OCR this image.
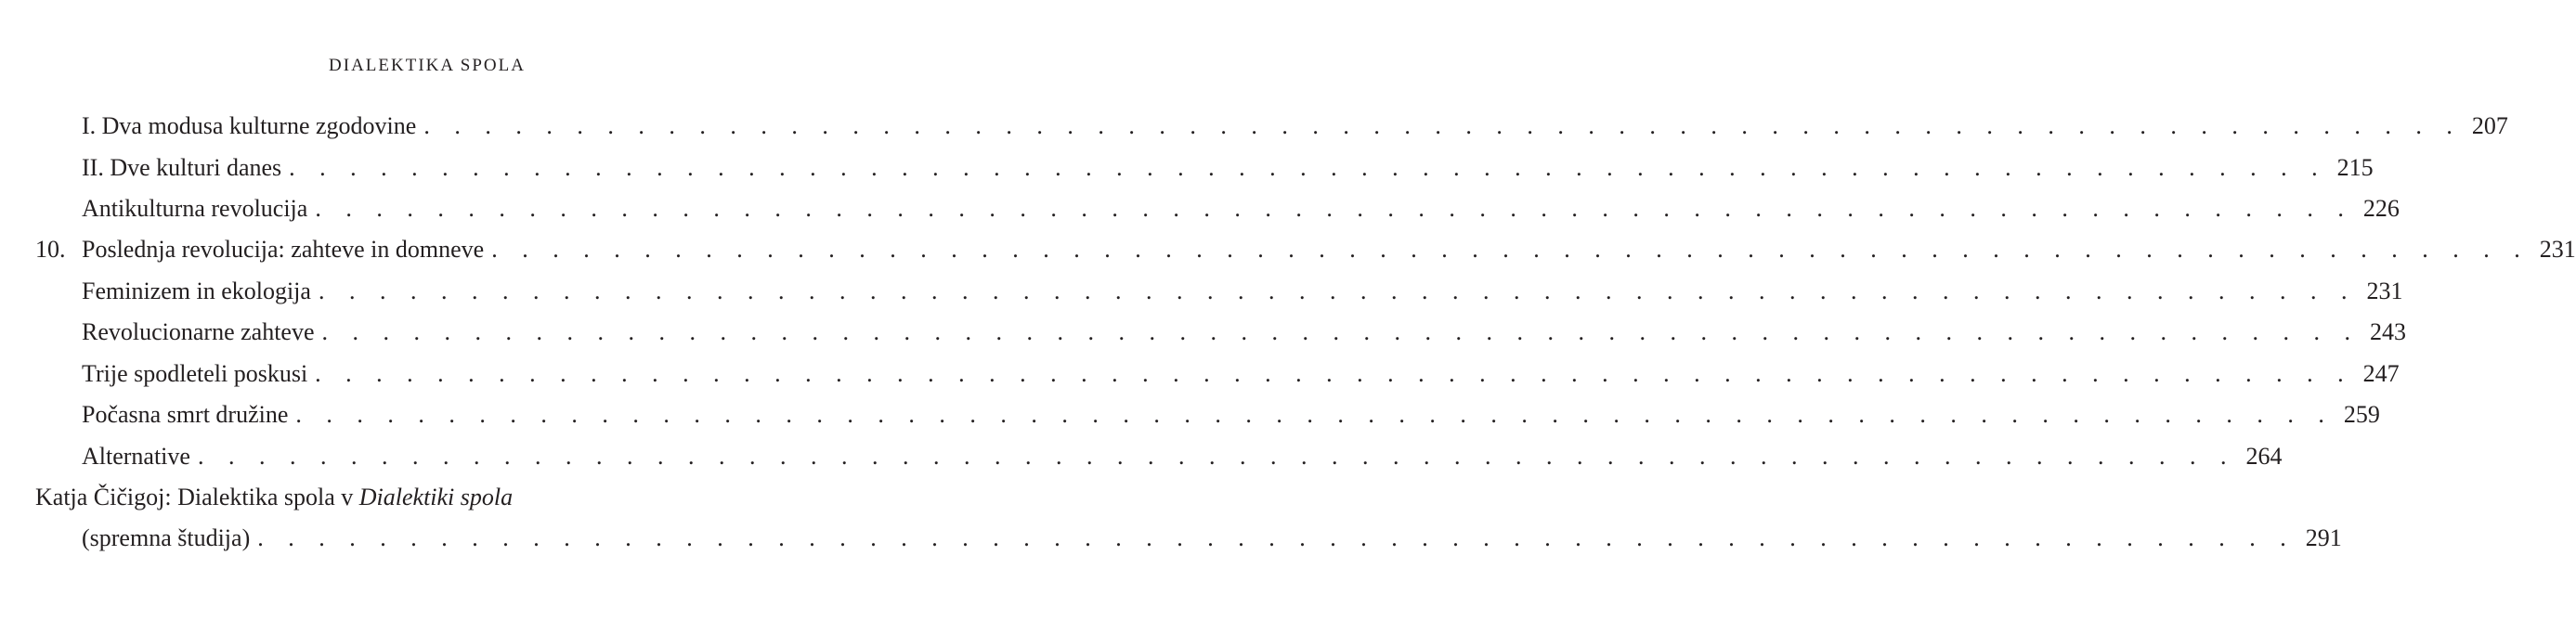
DIALEKTIKA SPOLA
I. Dva modusa kulturne zgodovine . . . . . . . . . . . . . . . . . . . . . . . . . . . . . . . . . . . . . . . . . . . . . . . . . . . . . . . . . . . . . . . . . . . 207
II. Dve kulturi danes . . . . . . . . . . . . . . . . . . . . . . . . . . . . . . . . . . . . . . . . . . . . . . . . . . . . . . . . . . . . . . . . . . . 215
Antikulturna revolucija . . . . . . . . . . . . . . . . . . . . . . . . . . . . . . . . . . . . . . . . . . . . . . . . . . . . . . . . . . . . . . . . . . . 226
10. Poslednja revolucija: zahteve in domneve . . . . . . . . . . . . . . . . . . . . . . . . . . . . . . . . . . . . . . . . . . . . . . . . . . . . . . . . . . . . . . . . . . . 231
Feminizem in ekologija . . . . . . . . . . . . . . . . . . . . . . . . . . . . . . . . . . . . . . . . . . . . . . . . . . . . . . . . . . . . . . . . . . . 231
Revolucionarne zahteve . . . . . . . . . . . . . . . . . . . . . . . . . . . . . . . . . . . . . . . . . . . . . . . . . . . . . . . . . . . . . . . . . . . 243
Trije spodleteli poskusi . . . . . . . . . . . . . . . . . . . . . . . . . . . . . . . . . . . . . . . . . . . . . . . . . . . . . . . . . . . . . . . . . . . 247
Počasna smrt družine . . . . . . . . . . . . . . . . . . . . . . . . . . . . . . . . . . . . . . . . . . . . . . . . . . . . . . . . . . . . . . . . . . . 259
Alternative . . . . . . . . . . . . . . . . . . . . . . . . . . . . . . . . . . . . . . . . . . . . . . . . . . . . . . . . . . . . . . . . . . . 264
Katja Čičigoj: Dialektika spola v Dialektiki spola
(spremna študija) . . . . . . . . . . . . . . . . . . . . . . . . . . . . . . . . . . . . . . . . . . . . . . . . . . . . . . . . . . . . . . . . . . . 291
